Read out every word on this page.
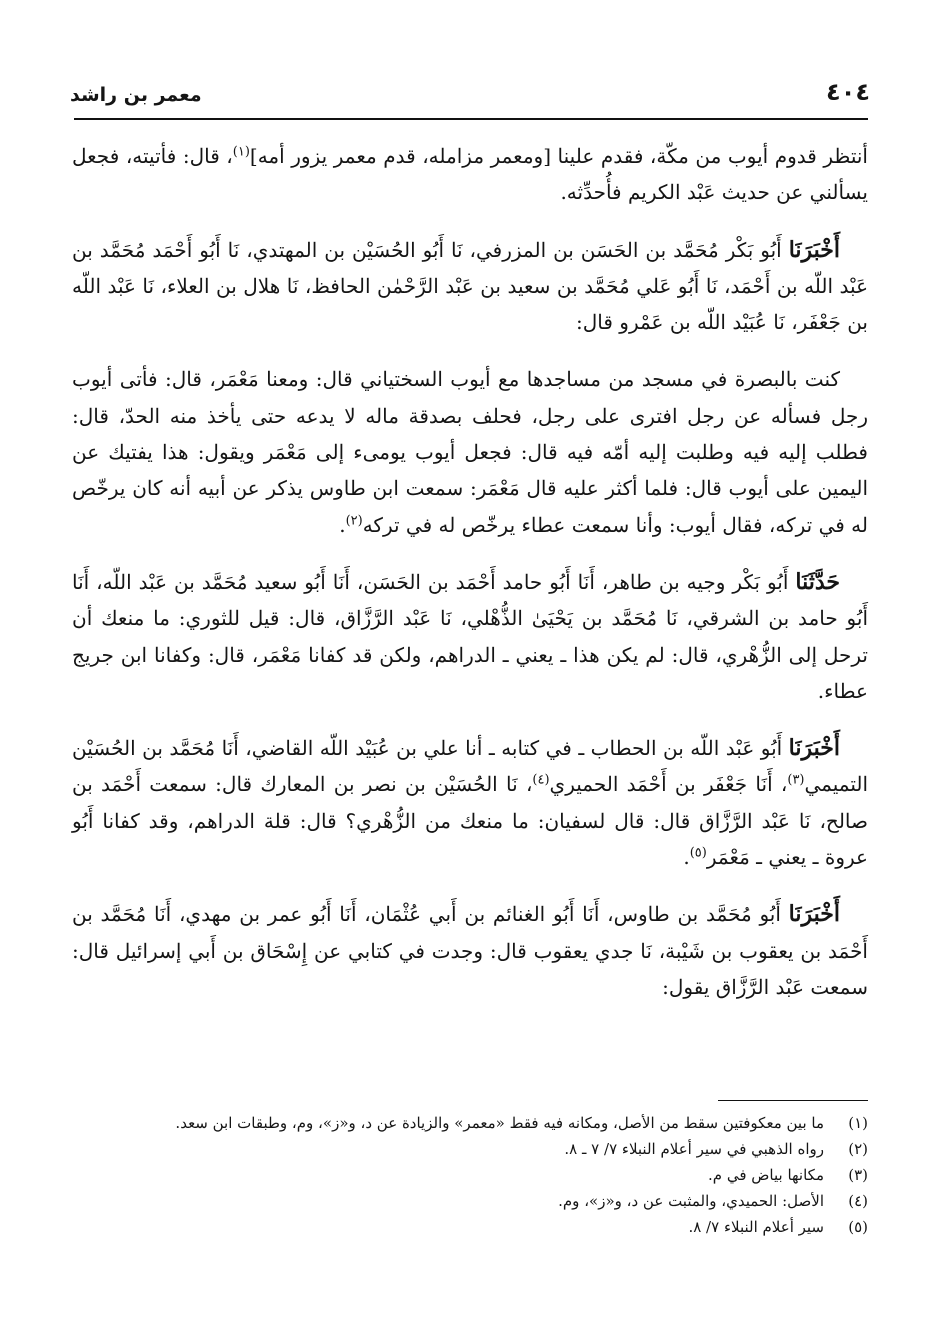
٤٠٤
معمر بن راشد

أنتظر قدوم أيوب من مكّة، فقدم علينا [ومعمر مزامله، قدم معمر يزور أمه]$^{(١)}$، قال: فأتيته، فجعل يسألني عن حديث عَبْد الكريم فأُحدِّثه.

أَخْبَرَنَا أَبُو بَكْر مُحَمَّد بن الحَسَن بن المزرفي، نَا أَبُو الحُسَيْن بن المهتدي، نَا أَبُو أَحْمَد مُحَمَّد بن عَبْد اللّه بن أَحْمَد، نَا أَبُو عَلي مُحَمَّد بن سعيد بن عَبْد الرَّحْمٰن الحافظ، نَا هلال بن العلاء، نَا عَبْد اللّه بن جَعْفَر، نَا عُبَيْد اللّه بن عَمْرو قال:

كنت بالبصرة في مسجد من مساجدها مع أيوب السختياني قال: ومعنا مَعْمَر، قال: فأتى أيوب رجل فسأله عن رجل افترى على رجل، فحلف بصدقة ماله لا يدعه حتى يأخذ منه الحدّ، قال: فطلب إليه فيه وطلبت إليه أمّه فيه قال: فجعل أيوب يومىء إلى مَعْمَر ويقول: هذا يفتيك عن اليمين على أيوب قال: فلما أكثر عليه قال مَعْمَر: سمعت ابن طاوس يذكر عن أبيه أنه كان يرخّص له في تركه، فقال أيوب: وأنا سمعت عطاء يرخّص له في تركه$^{(٢)}$.

حَدَّثَنَا أَبُو بَكْر وجيه بن طاهر، أَنَا أَبُو حامد أَحْمَد بن الحَسَن، أَنَا أَبُو سعيد مُحَمَّد بن عَبْد اللّه، أَنَا أَبُو حامد بن الشرقي، نَا مُحَمَّد بن يَحْيَىٰ الذُّهْلي، نَا عَبْد الرَّزَّاق، قال: قيل للثوري: ما منعك أن ترحل إلى الزُّهْري، قال: لم يكن هذا ـ يعني ـ الدراهم، ولكن قد كفانا مَعْمَر، قال: وكفانا ابن جريج عطاء.

أَخْبَرَنَا أَبُو عَبْد اللّه بن الحطاب ـ في كتابه ـ أنا علي بن عُبَيْد اللّه القاضي، أَنَا مُحَمَّد بن الحُسَيْن التميمي$^{(٣)}$، أَنَا جَعْفَر بن أَحْمَد الحميري$^{(٤)}$، نَا الحُسَيْن بن نصر بن المعارك قال: سمعت أَحْمَد بن صالح، نَا عَبْد الرَّزَّاق قال: قال لسفيان: ما منعك من الزُّهْري؟ قال: قلة الدراهم، وقد كفانا أَبُو عروة ـ يعني ـ مَعْمَر$^{(٥)}$.

أَخْبَرَنَا أَبُو مُحَمَّد بن طاوس، أَنَا أَبُو الغنائم بن أَبي عُثْمَان، أَنَا أَبُو عمر بن مهدي، أَنَا مُحَمَّد بن أَحْمَد بن يعقوب بن شَيْبة، نَا جدي يعقوب قال: وجدت في كتابي عن إِسْحَاق بن أَبي إسرائيل قال: سمعت عَبْد الرَّزَّاق يقول:

(١)
ما بين معكوفتين سقط من الأصل، ومكانه فيه فقط «معمر» والزيادة عن د، و«ز»، وم، وطبقات ابن سعد.
(٢)
رواه الذهبي في سير أعلام النبلاء ٧/ ٧ ـ ٨.
(٣)
مكانها بياض في م.
(٤)
الأصل: الحميدي، والمثبت عن د، و«ز»، وم.
(٥)
سير أعلام النبلاء ٧/ ٨.
